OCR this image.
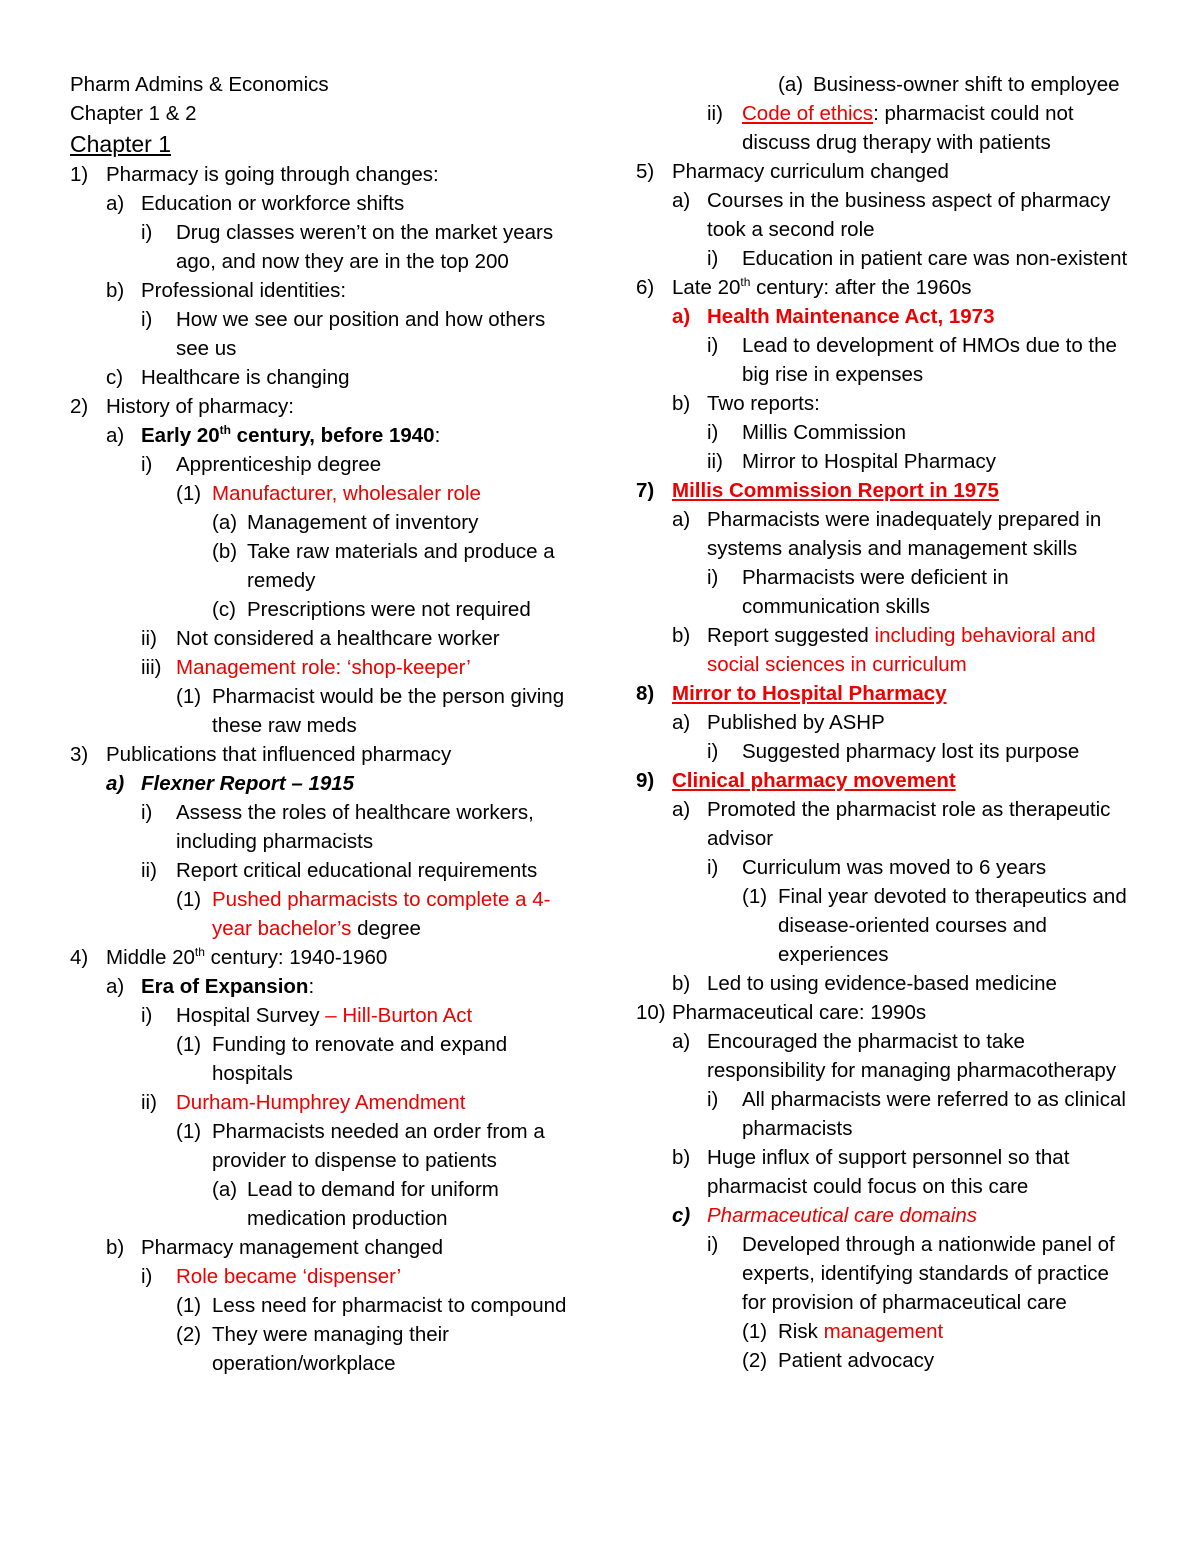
Pharm Admins & Economics
Chapter 1 & 2
Chapter 1
1) Pharmacy is going through changes:
a) Education or workforce shifts
i)	Drug classes weren’t on the market years ago, and now they are in the top 200
b) Professional identities:
i)	How we see our position and how others see us
c) Healthcare is changing
2) History of pharmacy:
a) Early 20th century, before 1940:
i)	Apprenticeship degree
(1) Manufacturer, wholesaler role
(a) Management of inventory
(b) Take raw materials and produce a remedy
(c) Prescriptions were not required
ii) Not considered a healthcare worker
iii) Management role: ‘shop-keeper’
(1) Pharmacist would be the person giving these raw meds
3) Publications that influenced pharmacy
a) Flexner Report – 1915
i)	Assess the roles of healthcare workers, including pharmacists
ii) Report critical educational requirements
(1) Pushed pharmacists to complete a 4-year bachelor’s degree
4) Middle 20th century: 1940-1960
a) Era of Expansion:
i)	Hospital Survey – Hill-Burton Act
(1) Funding to renovate and expand hospitals
ii) Durham-Humphrey Amendment
(1) Pharmacists needed an order from a provider to dispense to patients
(a) Lead to demand for uniform medication production
b) Pharmacy management changed
i)	Role became ‘dispenser’
(1) Less need for pharmacist to compound
(2) They were managing their operation/workplace
(a) Business-owner shift to employee
ii) Code of ethics: pharmacist could not discuss drug therapy with patients
5) Pharmacy curriculum changed
a) Courses in the business aspect of pharmacy took a second role
i)	Education in patient care was non-existent
6) Late 20th century: after the 1960s
a) Health Maintenance Act, 1973
i)	Lead to development of HMOs due to the big rise in expenses
b) Two reports:
i)	Millis Commission
ii) Mirror to Hospital Pharmacy
7) Millis Commission Report in 1975
a) Pharmacists were inadequately prepared in systems analysis and management skills
i)	Pharmacists were deficient in communication skills
b) Report suggested including behavioral and social sciences in curriculum
8) Mirror to Hospital Pharmacy
a) Published by ASHP
i)	Suggested pharmacy lost its purpose
9) Clinical pharmacy movement
a) Promoted the pharmacist role as therapeutic advisor
i)	Curriculum was moved to 6 years
(1) Final year devoted to therapeutics and disease-oriented courses and experiences
b) Led to using evidence-based medicine
10) Pharmaceutical care: 1990s
a) Encouraged the pharmacist to take responsibility for managing pharmacotherapy
i)	All pharmacists were referred to as clinical pharmacists
b) Huge influx of support personnel so that pharmacist could focus on this care
c) Pharmaceutical care domains
i)	Developed through a nationwide panel of experts, identifying standards of practice for provision of pharmaceutical care
(1) Risk management
(2) Patient advocacy
